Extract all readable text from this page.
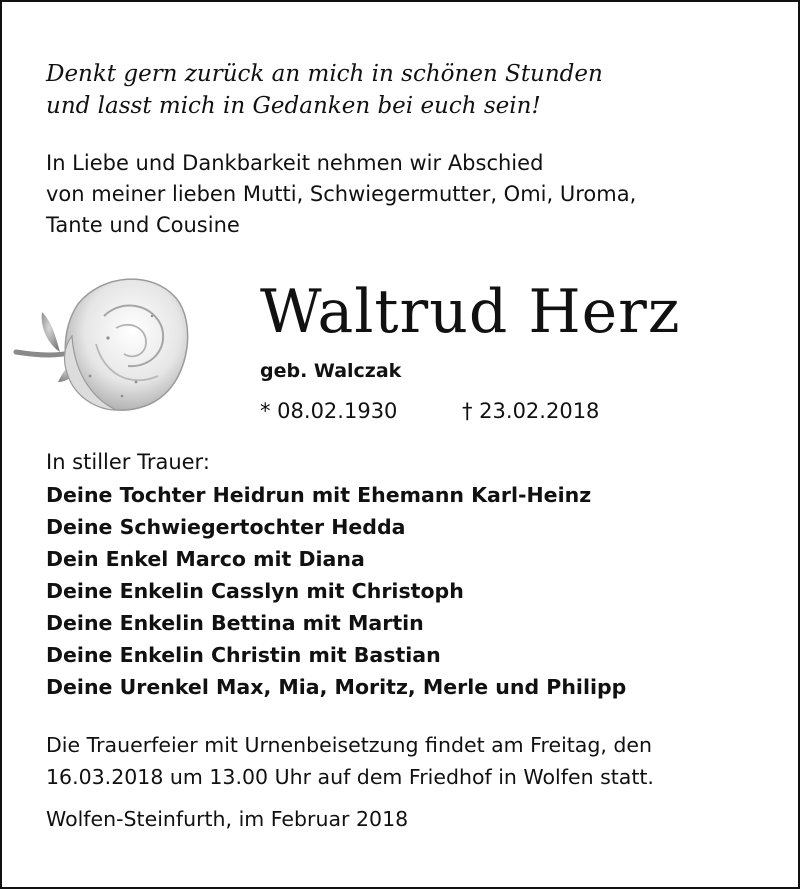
Denkt gern zurück an mich in schönen Stunden
und lasst mich in Gedanken bei euch sein!
In Liebe und Dankbarkeit nehmen wir Abschied
von meiner lieben Mutti, Schwiegermutter, Omi, Uroma,
Tante und Cousine
Waltrud Herz
geb. Walczak
* 08.02.1930	† 23.02.2018
In stiller Trauer:
Deine Tochter Heidrun mit Ehemann Karl-Heinz
Deine Schwiegertochter Hedda
Dein Enkel Marco mit Diana
Deine Enkelin Casslyn mit Christoph
Deine Enkelin Bettina mit Martin
Deine Enkelin Christin mit Bastian
Deine Urenkel Max, Mia, Moritz, Merle und Philipp
Die Trauerfeier mit Urnenbeisetzung findet am Freitag, den
16.03.2018 um 13.00 Uhr auf dem Friedhof in Wolfen statt.
Wolfen-Steinfurth, im Februar 2018
